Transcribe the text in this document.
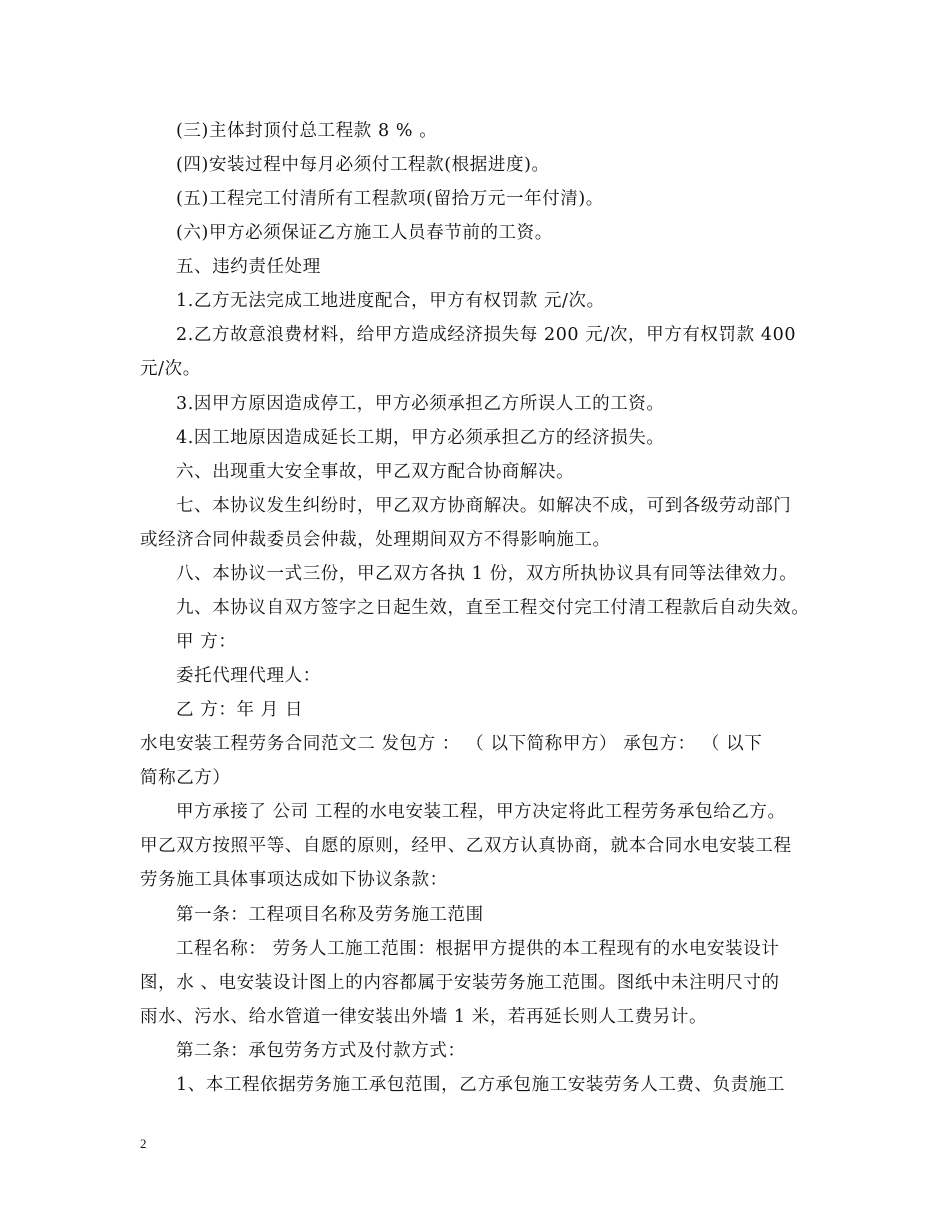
(三)主体封顶付总工程款 8 % 。
(四)安装过程中每月必须付工程款(根据进度)。
(五)工程完工付清所有工程款项(留拾万元一年付清)。
(六)甲方必须保证乙方施工人员春节前的工资。
五、违约责任处理
1.乙方无法完成工地进度配合，甲方有权罚款 元/次。
2.乙方故意浪费材料，给甲方造成经济损失每 200 元/次，甲方有权罚款 400
元/次。
3.因甲方原因造成停工，甲方必须承担乙方所误人工的工资。
4.因工地原因造成延长工期，甲方必须承担乙方的经济损失。
六、出现重大安全事故，甲乙双方配合协商解决。
七、本协议发生纠纷时，甲乙双方协商解决。如解决不成，可到各级劳动部门
或经济合同仲裁委员会仲裁，处理期间双方不得影响施工。
八、本协议一式三份，甲乙双方各执 1 份，双方所执协议具有同等法律效力。
九、本协议自双方签字之日起生效，直至工程交付完工付清工程款后自动失效。
甲 方：
委托代理代理人：
乙 方：年 月 日
水电安装工程劳务合同范文二 发包方 ： （ 以下简称甲方） 承包方： （ 以下
简称乙方）
甲方承接了 公司 工程的水电安装工程，甲方决定将此工程劳务承包给乙方。
甲乙双方按照平等、自愿的原则，经甲、乙双方认真协商，就本合同水电安装工程
劳务施工具体事项达成如下协议条款：
第一条：工程项目名称及劳务施工范围
工程名称： 劳务人工施工范围：根据甲方提供的本工程现有的水电安装设计
图，水 、电安装设计图上的内容都属于安装劳务施工范围。图纸中未注明尺寸的
雨水、污水、给水管道一律安装出外墙 1 米，若再延长则人工费另计。
第二条：承包劳务方式及付款方式：
1、本工程依据劳务施工承包范围，乙方承包施工安装劳务人工费、负责施工
2
